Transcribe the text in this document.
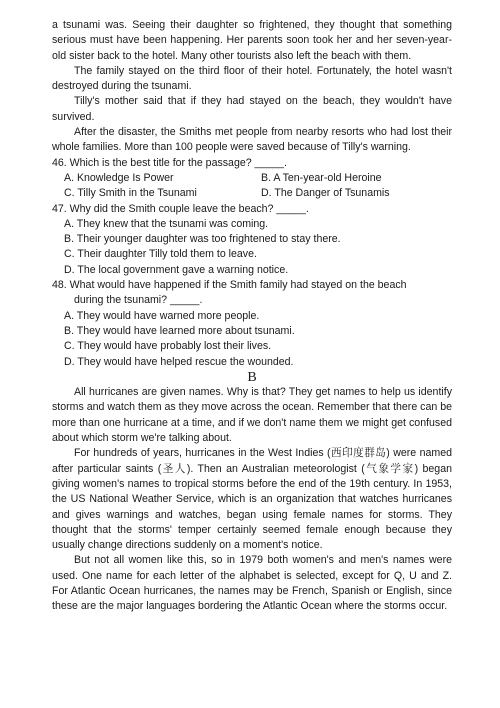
a tsunami was. Seeing their daughter so frightened, they thought that something serious must have been happening. Her parents soon took her and her seven-year-old sister back to the hotel. Many other tourists also left the beach with them.

The family stayed on the third floor of their hotel. Fortunately, the hotel wasn't destroyed during the tsunami.

Tilly's mother said that if they had stayed on the beach, they wouldn't have survived.

After the disaster, the Smiths met people from nearby resorts who had lost their whole families. More than 100 people were saved because of Tilly's warning.

46. Which is the best title for the passage? _____.

A. Knowledge Is Power	B. A Ten-year-old Heroine
C. Tilly Smith in the Tsunami	D. The Danger of Tsunamis

47. Why did the Smith couple leave the beach? _____.

A. They knew that the tsunami was coming.

B. Their younger daughter was too frightened to stay there.

C. Their daughter Tilly told them to leave.

D. The local government gave a warning notice.

48. What would have happened if the Smith family had stayed on the beach

during the tsunami? _____.

A. They would have warned more people.

B. They would have learned more about tsunami.

C. They would have probably lost their lives.

D. They would have helped rescue the wounded.

B

All hurricanes are given names. Why is that? They get names to help us identify storms and watch them as they move across the ocean. Remember that there can be more than one hurricane at a time, and if we don't name them we might get confused about which storm we're talking about.

For hundreds of years, hurricanes in the West Indies (西印度群岛) were named after particular saints (圣人). Then an Australian meteorologist (气象学家) began giving women's names to tropical storms before the end of the 19th century. In 1953, the US National Weather Service, which is an organization that watches hurricanes and gives warnings and watches, began using female names for storms. They thought that the storms' temper certainly seemed female enough because they usually change directions suddenly on a moment's notice.

But not all women like this, so in 1979 both women's and men's names were used. One name for each letter of the alphabet is selected, except for Q, U and Z. For Atlantic Ocean hurricanes, the names may be French, Spanish or English, since these are the major languages bordering the Atlantic Ocean where the storms occur.
